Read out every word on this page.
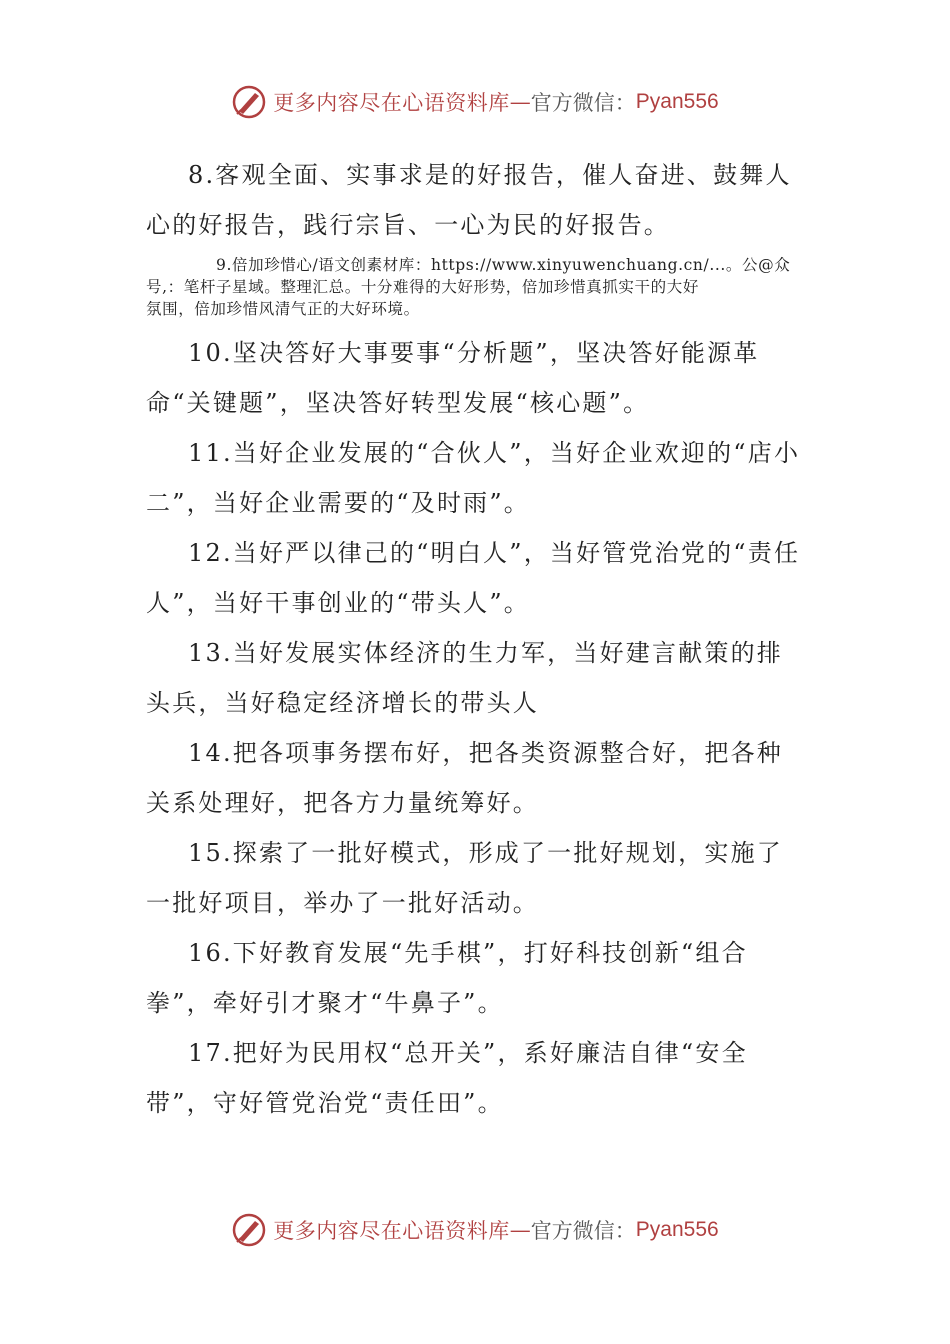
更多内容尽在心语资料库 — 官方微信： Pyan556

8.客观全面、实事求是的好报告，催人奋进、鼓舞人心的好报告，践行宗旨、一心为民的好报告。

9.倍加珍惜心/语文创素材库：https://www.xinyuwenchuang.cn/...。公@众
号,：笔杆子星域。整理汇总。十分难得的大好形势，倍加珍惜真抓实干的大好
氛围，倍加珍惜风清气正的大好环境。

10.坚决答好大事要事“分析题”，坚决答好能源革命“关键题”，坚决答好转型发展“核心题”。

11.当好企业发展的“合伙人”，当好企业欢迎的“店小二”，当好企业需要的“及时雨”。

12.当好严以律己的“明白人”，当好管党治党的“责任人”，当好干事创业的“带头人”。

13.当好发展实体经济的生力军，当好建言献策的排头兵，当好稳定经济增长的带头人

14.把各项事务摆布好，把各类资源整合好，把各种关系处理好，把各方力量统筹好。

15.探索了一批好模式，形成了一批好规划，实施了一批好项目，举办了一批好活动。

16.下好教育发展“先手棋”，打好科技创新“组合拳”，牵好引才聚才“牛鼻子”。

17.把好为民用权“总开关”，系好廉洁自律“安全带”，守好管党治党“责任田”。

更多内容尽在心语资料库 — 官方微信： Pyan556
